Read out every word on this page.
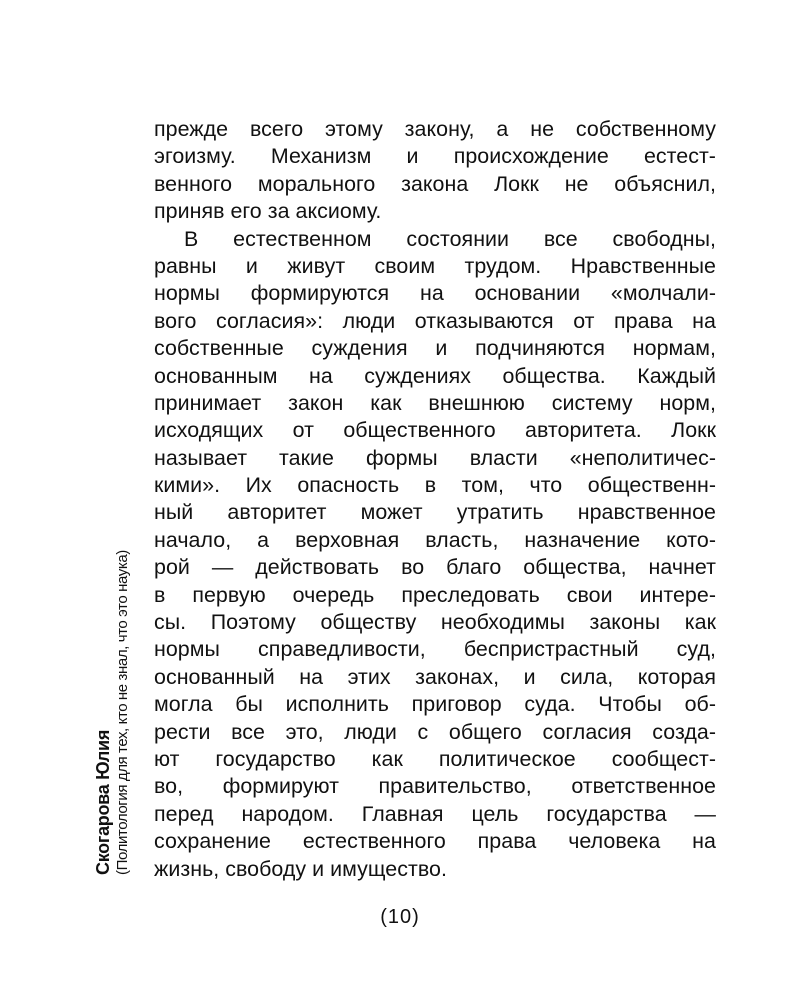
Скогарова Юлия (Политология для тех, кто не знал, что это наука)
прежде всего этому закону, а не собственному
эгоизму. Механизм и происхождение естест-
венного морального закона Локк не объяснил,
приняв его за аксиому.
В естественном состоянии все свободны,
равны и живут своим трудом. Нравственные
нормы формируются на основании «молчали-
вого согласия»: люди отказываются от права на
собственные суждения и подчиняются нормам,
основанным на суждениях общества. Каждый
принимает закон как внешнюю систему норм,
исходящих от общественного авторитета. Локк
называет такие формы власти «неполитичес-
кими». Их опасность в том, что общественн-
ный авторитет может утратить нравственное
начало, а верховная власть, назначение кото-
рой — действовать во благо общества, начнет
в первую очередь преследовать свои интере-
сы. Поэтому обществу необходимы законы как
нормы справедливости, беспристрастный суд,
основанный на этих законах, и сила, которая
могла бы исполнить приговор суда. Чтобы об-
рести все это, люди с общего согласия созда-
ют государство как политическое сообщест-
во, формируют правительство, ответственное
перед народом. Главная цель государства —
сохранение естественного права человека на
жизнь, свободу и имущество.
(10)
